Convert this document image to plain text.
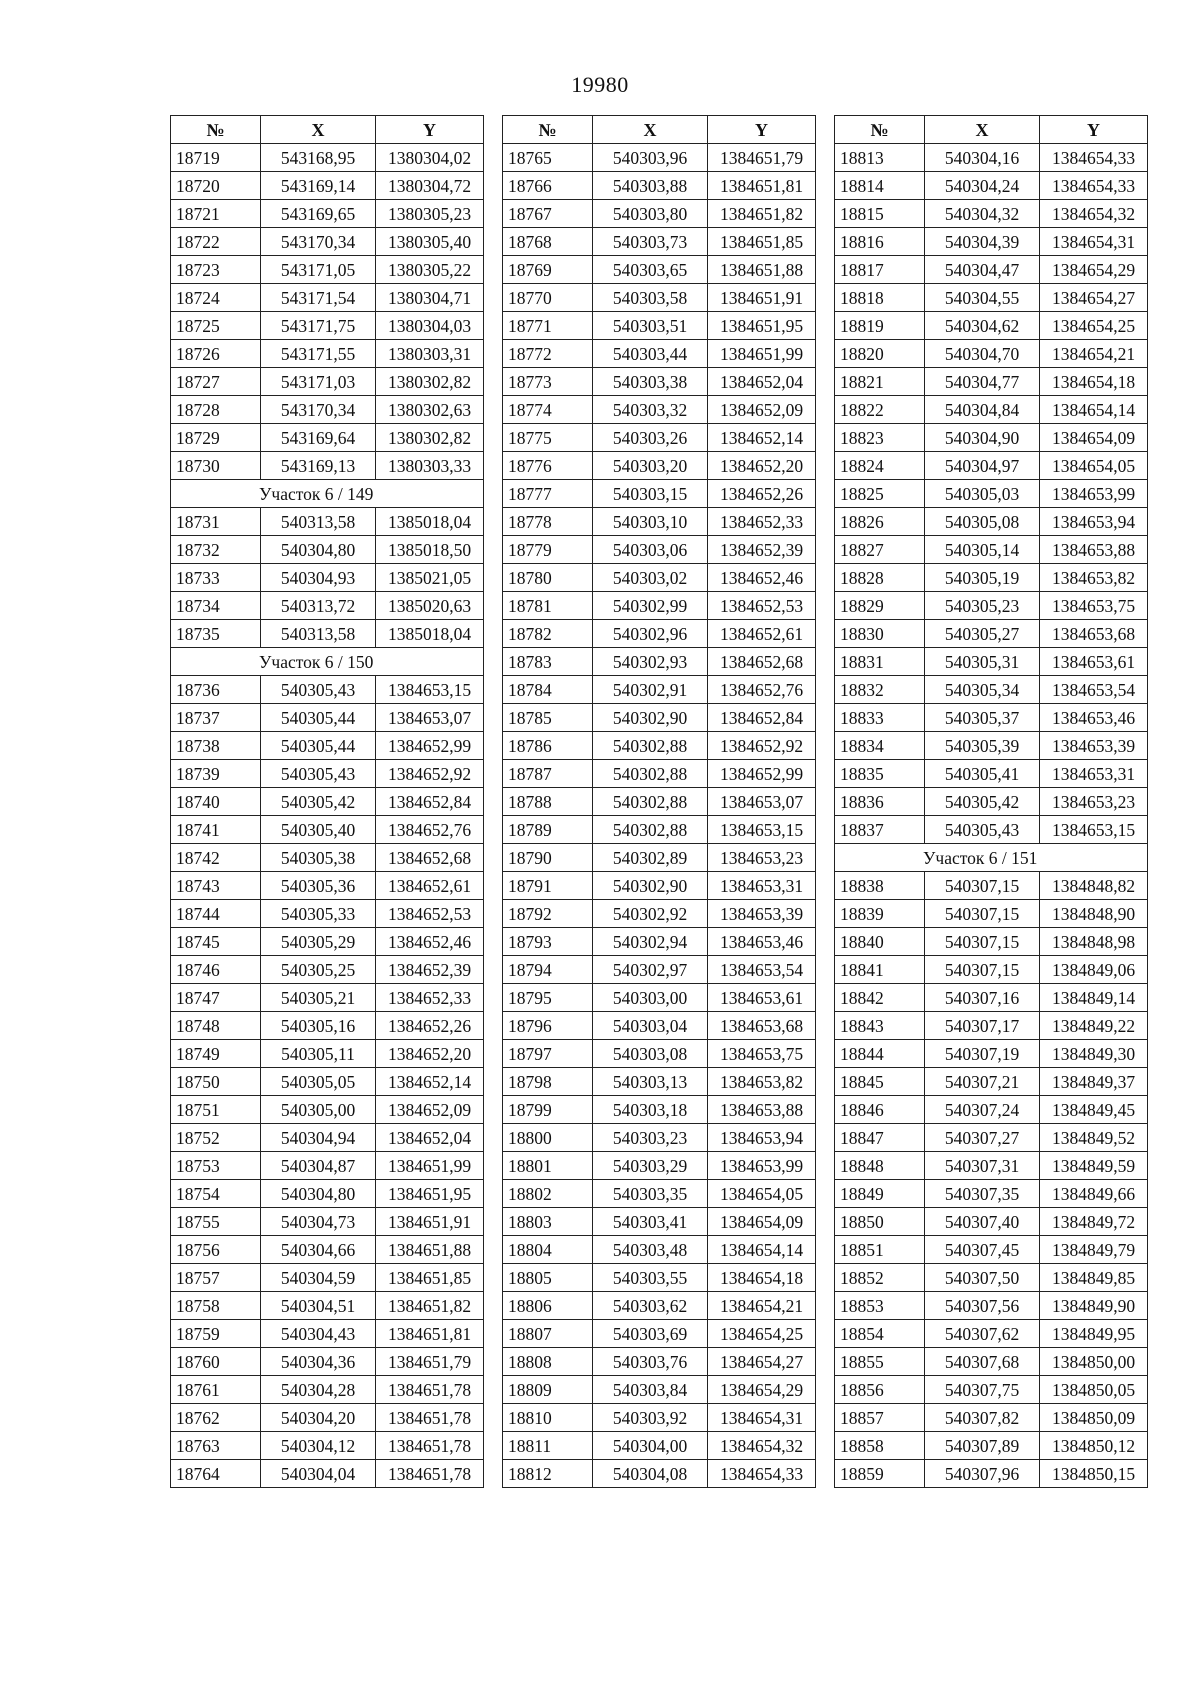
19980
№	X	Y
18719	543168,95	1380304,02
18720	543169,14	1380304,72
18721	543169,65	1380305,23
18722	543170,34	1380305,40
18723	543171,05	1380305,22
18724	543171,54	1380304,71
18725	543171,75	1380304,03
18726	543171,55	1380303,31
18727	543171,03	1380302,82
18728	543170,34	1380302,63
18729	543169,64	1380302,82
18730	543169,13	1380303,33
Участок 6 / 149		
18731	540313,58	1385018,04
18732	540304,80	1385018,50
18733	540304,93	1385021,05
18734	540313,72	1385020,63
18735	540313,58	1385018,04
Участок 6 / 150		
18736	540305,43	1384653,15
18737	540305,44	1384653,07
18738	540305,44	1384652,99
18739	540305,43	1384652,92
18740	540305,42	1384652,84
18741	540305,40	1384652,76
18742	540305,38	1384652,68
18743	540305,36	1384652,61
18744	540305,33	1384652,53
18745	540305,29	1384652,46
18746	540305,25	1384652,39
18747	540305,21	1384652,33
18748	540305,16	1384652,26
18749	540305,11	1384652,20
18750	540305,05	1384652,14
18751	540305,00	1384652,09
18752	540304,94	1384652,04
18753	540304,87	1384651,99
18754	540304,80	1384651,95
18755	540304,73	1384651,91
18756	540304,66	1384651,88
18757	540304,59	1384651,85
18758	540304,51	1384651,82
18759	540304,43	1384651,81
18760	540304,36	1384651,79
18761	540304,28	1384651,78
18762	540304,20	1384651,78
18763	540304,12	1384651,78
18764	540304,04	1384651,78
№	X	Y
18765	540303,96	1384651,79
18766	540303,88	1384651,81
18767	540303,80	1384651,82
18768	540303,73	1384651,85
18769	540303,65	1384651,88
18770	540303,58	1384651,91
18771	540303,51	1384651,95
18772	540303,44	1384651,99
18773	540303,38	1384652,04
18774	540303,32	1384652,09
18775	540303,26	1384652,14
18776	540303,20	1384652,20
18777	540303,15	1384652,26
18778	540303,10	1384652,33
18779	540303,06	1384652,39
18780	540303,02	1384652,46
18781	540302,99	1384652,53
18782	540302,96	1384652,61
18783	540302,93	1384652,68
18784	540302,91	1384652,76
18785	540302,90	1384652,84
18786	540302,88	1384652,92
18787	540302,88	1384652,99
18788	540302,88	1384653,07
18789	540302,88	1384653,15
18790	540302,89	1384653,23
18791	540302,90	1384653,31
18792	540302,92	1384653,39
18793	540302,94	1384653,46
18794	540302,97	1384653,54
18795	540303,00	1384653,61
18796	540303,04	1384653,68
18797	540303,08	1384653,75
18798	540303,13	1384653,82
18799	540303,18	1384653,88
18800	540303,23	1384653,94
18801	540303,29	1384653,99
18802	540303,35	1384654,05
18803	540303,41	1384654,09
18804	540303,48	1384654,14
18805	540303,55	1384654,18
18806	540303,62	1384654,21
18807	540303,69	1384654,25
18808	540303,76	1384654,27
18809	540303,84	1384654,29
18810	540303,92	1384654,31
18811	540304,00	1384654,32
18812	540304,08	1384654,33
№	X	Y
18813	540304,16	1384654,33
18814	540304,24	1384654,33
18815	540304,32	1384654,32
18816	540304,39	1384654,31
18817	540304,47	1384654,29
18818	540304,55	1384654,27
18819	540304,62	1384654,25
18820	540304,70	1384654,21
18821	540304,77	1384654,18
18822	540304,84	1384654,14
18823	540304,90	1384654,09
18824	540304,97	1384654,05
18825	540305,03	1384653,99
18826	540305,08	1384653,94
18827	540305,14	1384653,88
18828	540305,19	1384653,82
18829	540305,23	1384653,75
18830	540305,27	1384653,68
18831	540305,31	1384653,61
18832	540305,34	1384653,54
18833	540305,37	1384653,46
18834	540305,39	1384653,39
18835	540305,41	1384653,31
18836	540305,42	1384653,23
18837	540305,43	1384653,15
Участок 6 / 151		
18838	540307,15	1384848,82
18839	540307,15	1384848,90
18840	540307,15	1384848,98
18841	540307,15	1384849,06
18842	540307,16	1384849,14
18843	540307,17	1384849,22
18844	540307,19	1384849,30
18845	540307,21	1384849,37
18846	540307,24	1384849,45
18847	540307,27	1384849,52
18848	540307,31	1384849,59
18849	540307,35	1384849,66
18850	540307,40	1384849,72
18851	540307,45	1384849,79
18852	540307,50	1384849,85
18853	540307,56	1384849,90
18854	540307,62	1384849,95
18855	540307,68	1384850,00
18856	540307,75	1384850,05
18857	540307,82	1384850,09
18858	540307,89	1384850,12
18859	540307,96	1384850,15
